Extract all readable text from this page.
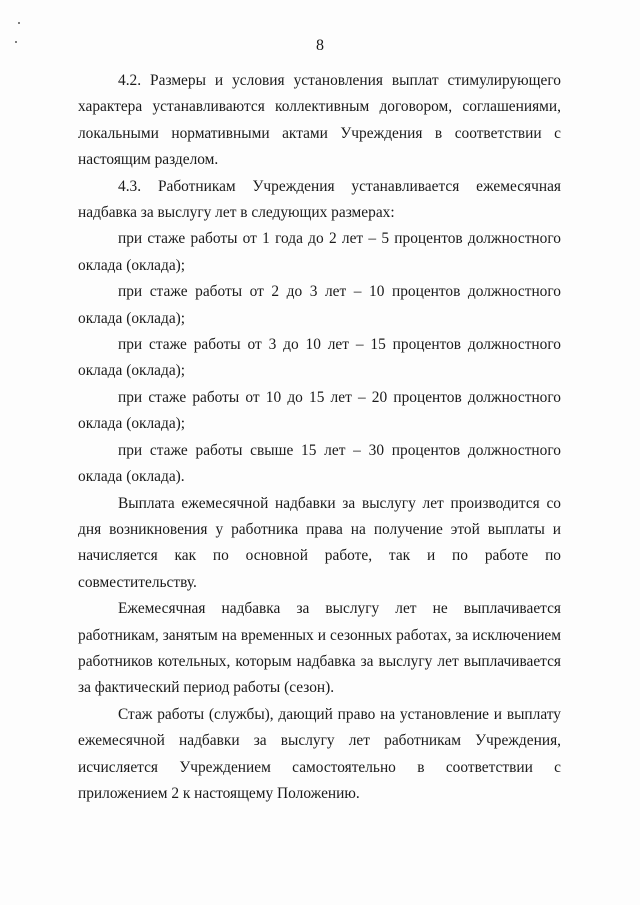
8

4.2. Размеры и условия установления выплат стимулирующего характера устанавливаются коллективным договором, соглашениями, локальными нормативными актами Учреждения в соответствии с настоящим разделом.

4.3. Работникам Учреждения устанавливается ежемесячная надбавка за выслугу лет в следующих размерах:

при стаже работы от 1 года до 2 лет – 5 процентов должностного оклада (оклада);

при стаже работы от 2 до 3 лет – 10 процентов должностного оклада (оклада);

при стаже работы от 3 до 10 лет – 15 процентов должностного оклада (оклада);

при стаже работы от 10 до 15 лет – 20 процентов должностного оклада (оклада);

при стаже работы свыше 15 лет – 30 процентов должностного оклада (оклада).

Выплата ежемесячной надбавки за выслугу лет производится со дня возникновения у работника права на получение этой выплаты и начисляется как по основной работе, так и по работе по совместительству.

Ежемесячная надбавка за выслугу лет не выплачивается работникам, занятым на временных и сезонных работах, за исключением работников котельных, которым надбавка за выслугу лет выплачивается за фактический период работы (сезон).

Стаж работы (службы), дающий право на установление и выплату ежемесячной надбавки за выслугу лет работникам Учреждения, исчисляется Учреждением самостоятельно в соответствии с приложением 2 к настоящему Положению.
